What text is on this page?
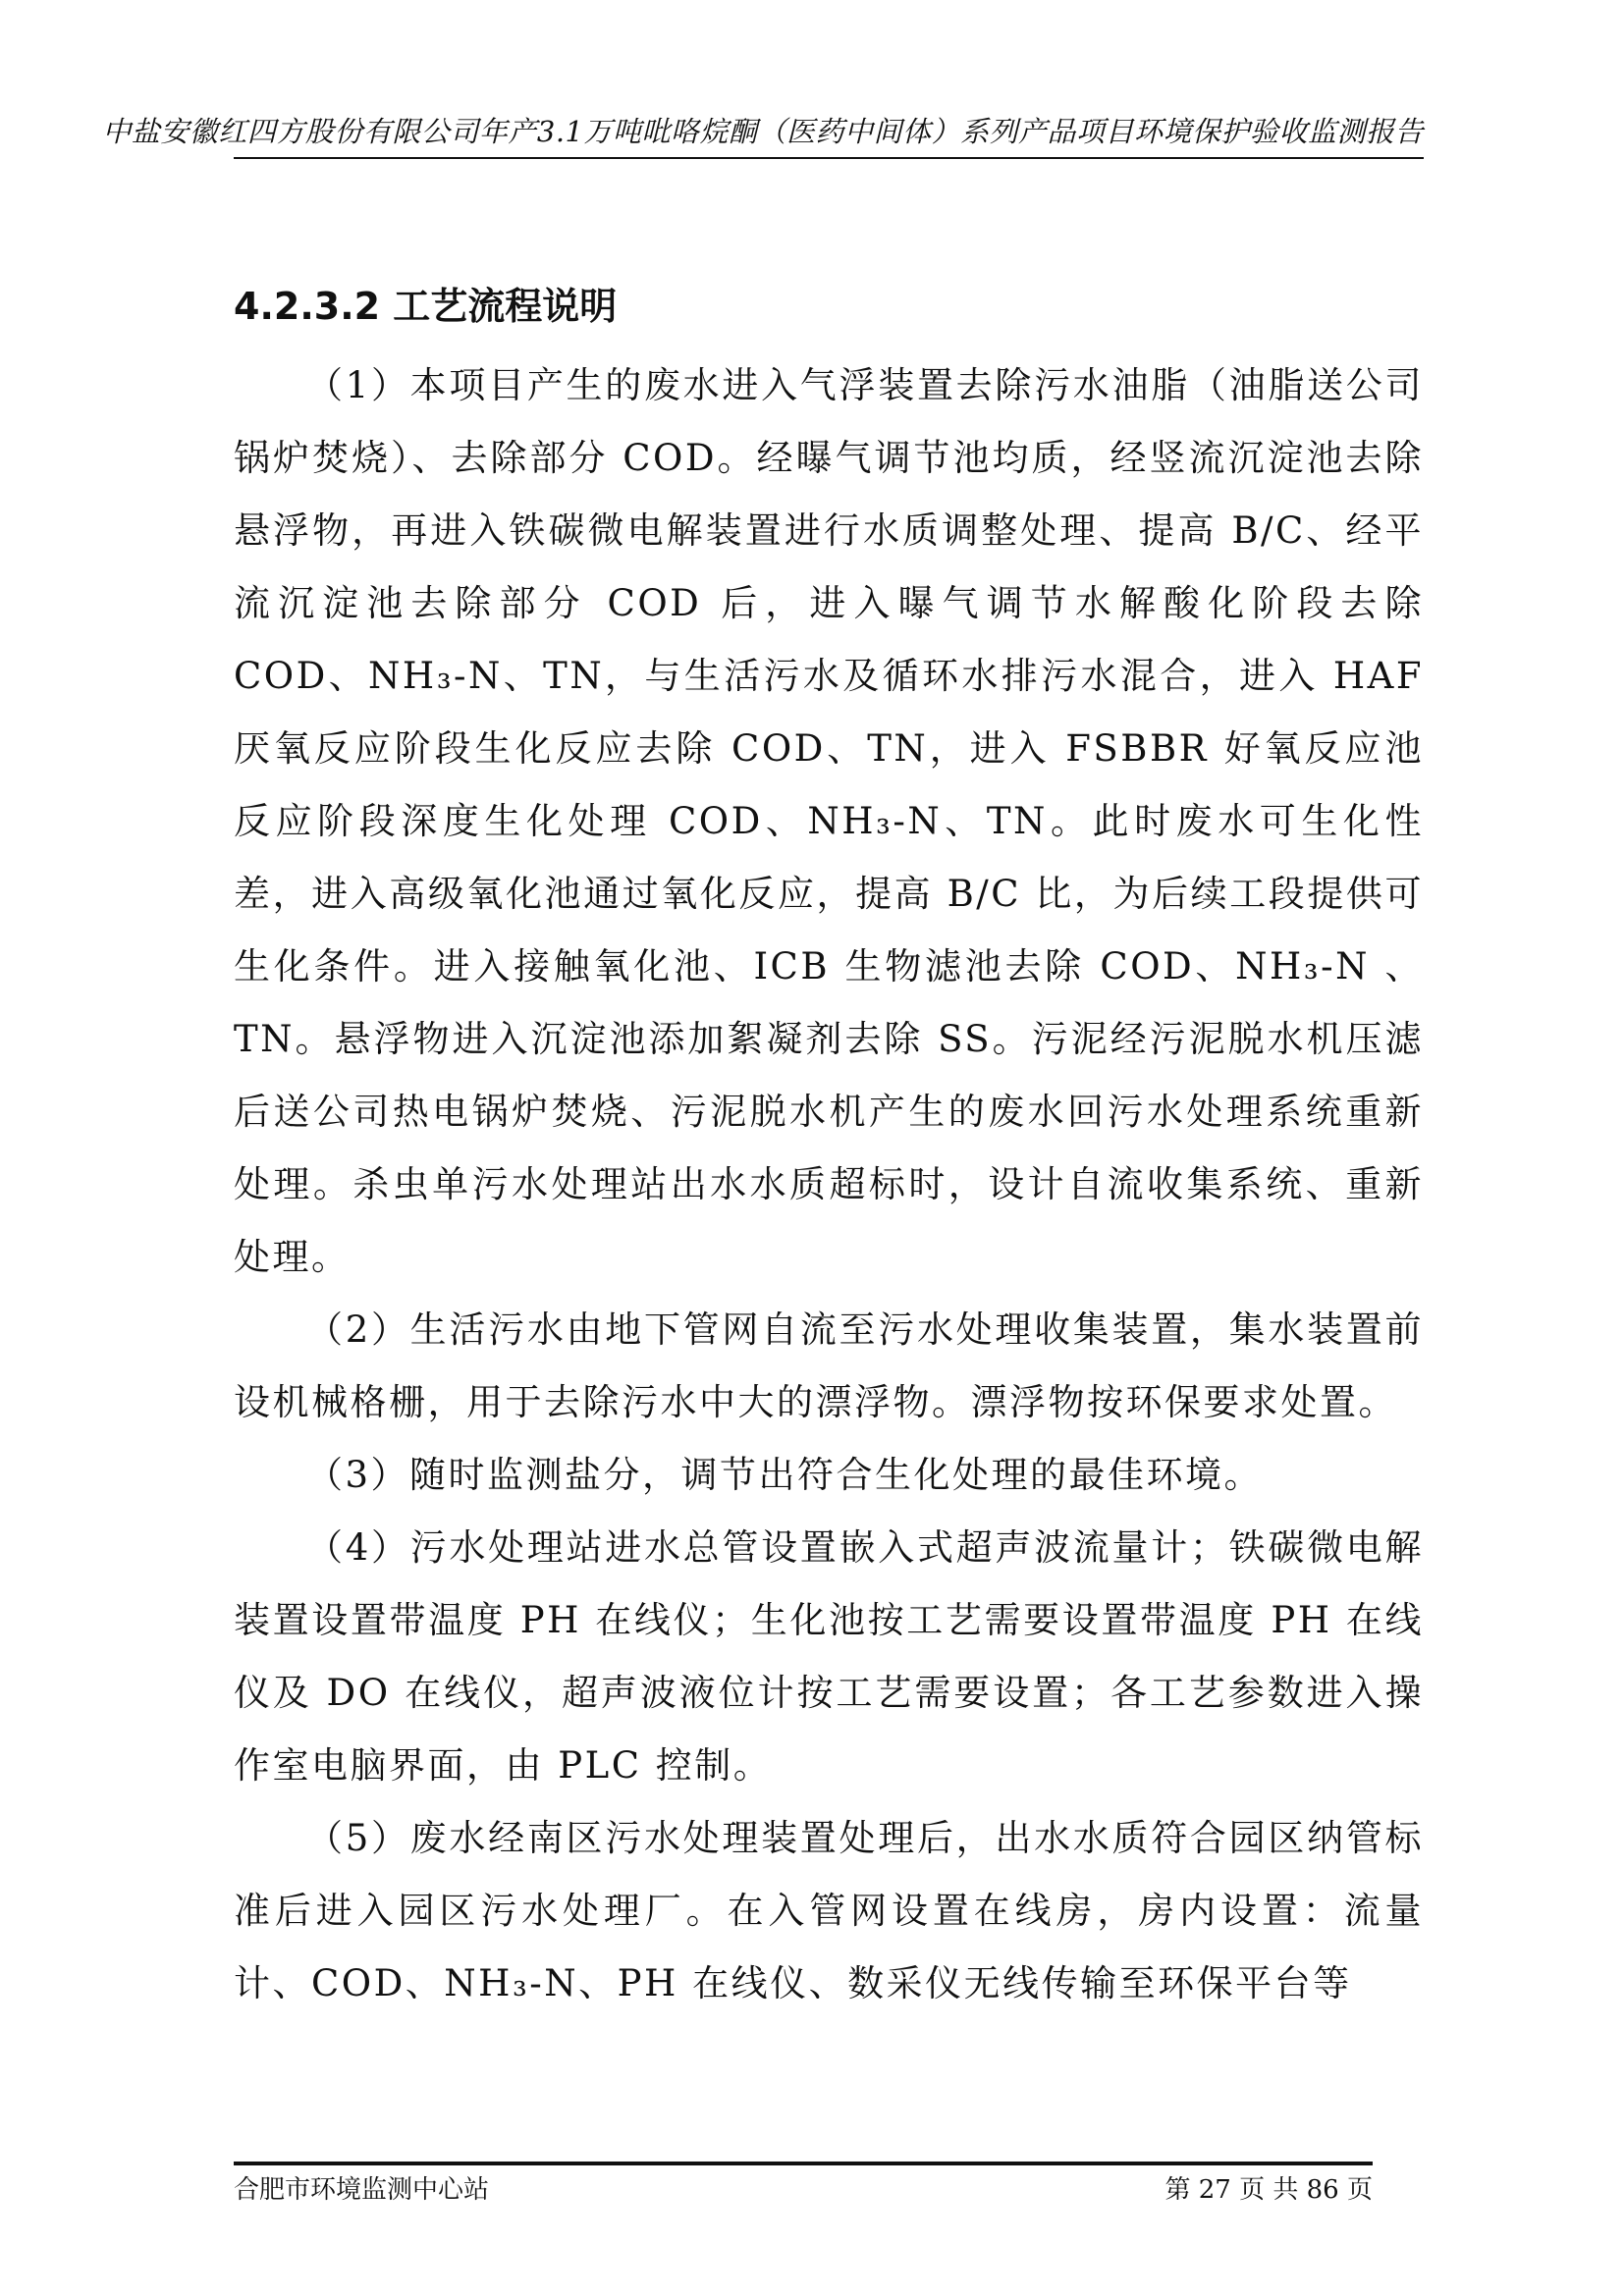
中盐安徽红四方股份有限公司年产3.1万吨吡咯烷酮（医药中间体）系列产品项目环境保护验收监测报告
4.2.3.2 工艺流程说明

（1）本项目产生的废水进入气浮装置去除污水油脂（油脂送公司锅炉焚烧）、去除部分 COD。经曝气调节池均质，经竖流沉淀池去除悬浮物，再进入铁碳微电解装置进行水质调整处理、提高 B/C、经平流沉淀池去除部分 COD 后，进入曝气调节水解酸化阶段去除 COD、NH₃-N、TN，与生活污水及循环水排污水混合，进入 HAF 厌氧反应阶段生化反应去除 COD、TN，进入 FSBBR 好氧反应池反应阶段深度生化处理 COD、NH₃-N、TN。此时废水可生化性差，进入高级氧化池通过氧化反应，提高 B/C 比，为后续工段提供可生化条件。进入接触氧化池、ICB 生物滤池去除 COD、NH₃-N 、TN。悬浮物进入沉淀池添加絮凝剂去除 SS。污泥经污泥脱水机压滤后送公司热电锅炉焚烧、污泥脱水机产生的废水回污水处理系统重新处理。杀虫单污水处理站出水水质超标时，设计自流收集系统、重新处理。

（2）生活污水由地下管网自流至污水处理收集装置，集水装置前设机械格栅，用于去除污水中大的漂浮物。漂浮物按环保要求处置。

（3）随时监测盐分，调节出符合生化处理的最佳环境。

（4）污水处理站进水总管设置嵌入式超声波流量计；铁碳微电解装置设置带温度 PH 在线仪；生化池按工艺需要设置带温度 PH 在线仪及 DO 在线仪，超声波液位计按工艺需要设置；各工艺参数进入操作室电脑界面，由 PLC 控制。

（5）废水经南区污水处理装置处理后，出水水质符合园区纳管标准后进入园区污水处理厂。在入管网设置在线房，房内设置：流量计、COD、NH₃-N、PH 在线仪、数采仪无线传输至环保平台等

合肥市环境监测中心站	第 27 页 共 86 页
